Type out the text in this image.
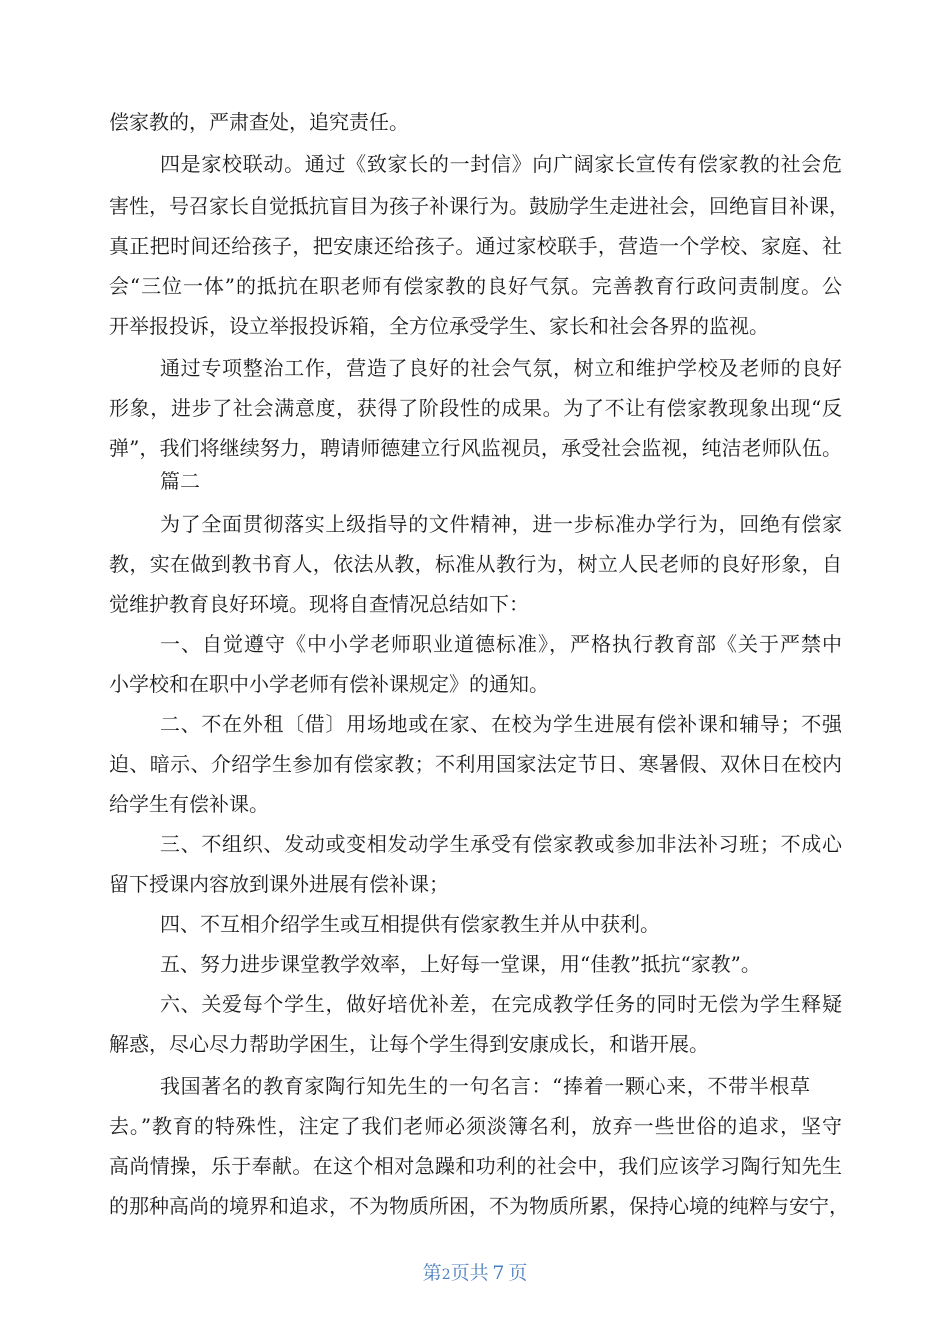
偿家教的，严肃查处，追究责任。
四是家校联动。通过《致家长的一封信》向广阔家长宣传有偿家教的社会危
害性，号召家长自觉抵抗盲目为孩子补课行为。鼓励学生走进社会，回绝盲目补课，
真正把时间还给孩子，把安康还给孩子。通过家校联手，营造一个学校、家庭、社
会“三位一体”的抵抗在职老师有偿家教的良好气氛。完善教育行政问责制度。公
开举报投诉，设立举报投诉箱，全方位承受学生、家长和社会各界的监视。
通过专项整治工作，营造了良好的社会气氛，树立和维护学校及老师的良好
形象，进步了社会满意度，获得了阶段性的成果。为了不让有偿家教现象出现“反
弹”，我们将继续努力，聘请师德建立行风监视员，承受社会监视，纯洁老师队伍。
篇二
为了全面贯彻落实上级指导的文件精神，进一步标准办学行为，回绝有偿家
教，实在做到教书育人，依法从教，标准从教行为，树立人民老师的良好形象，自
觉维护教育良好环境。现将自查情况总结如下：
一、自觉遵守《中小学老师职业道德标准》，严格执行教育部《关于严禁中
小学校和在职中小学老师有偿补课规定》的通知。
二、不在外租〔借〕用场地或在家、在校为学生进展有偿补课和辅导；不强
迫、暗示、介绍学生参加有偿家教；不利用国家法定节日、寒暑假、双休日在校内
给学生有偿补课。
三、不组织、发动或变相发动学生承受有偿家教或参加非法补习班；不成心
留下授课内容放到课外进展有偿补课；
四、不互相介绍学生或互相提供有偿家教生并从中获利。
五、努力进步课堂教学效率，上好每一堂课，用“佳教”抵抗“家教”。
六、关爱每个学生，做好培优补差，在完成教学任务的同时无偿为学生释疑
解惑，尽心尽力帮助学困生，让每个学生得到安康成长，和谐开展。
我国著名的教育家陶行知先生的一句名言：“捧着一颗心来，不带半根草
去。”教育的特殊性，注定了我们老师必须淡簿名利，放弃一些世俗的追求，坚守
高尚情操，乐于奉献。在这个相对急躁和功利的社会中，我们应该学习陶行知先生
的那种高尚的境界和追求，不为物质所困，不为物质所累，保持心境的纯粹与安宁，
第2页共  7  页
